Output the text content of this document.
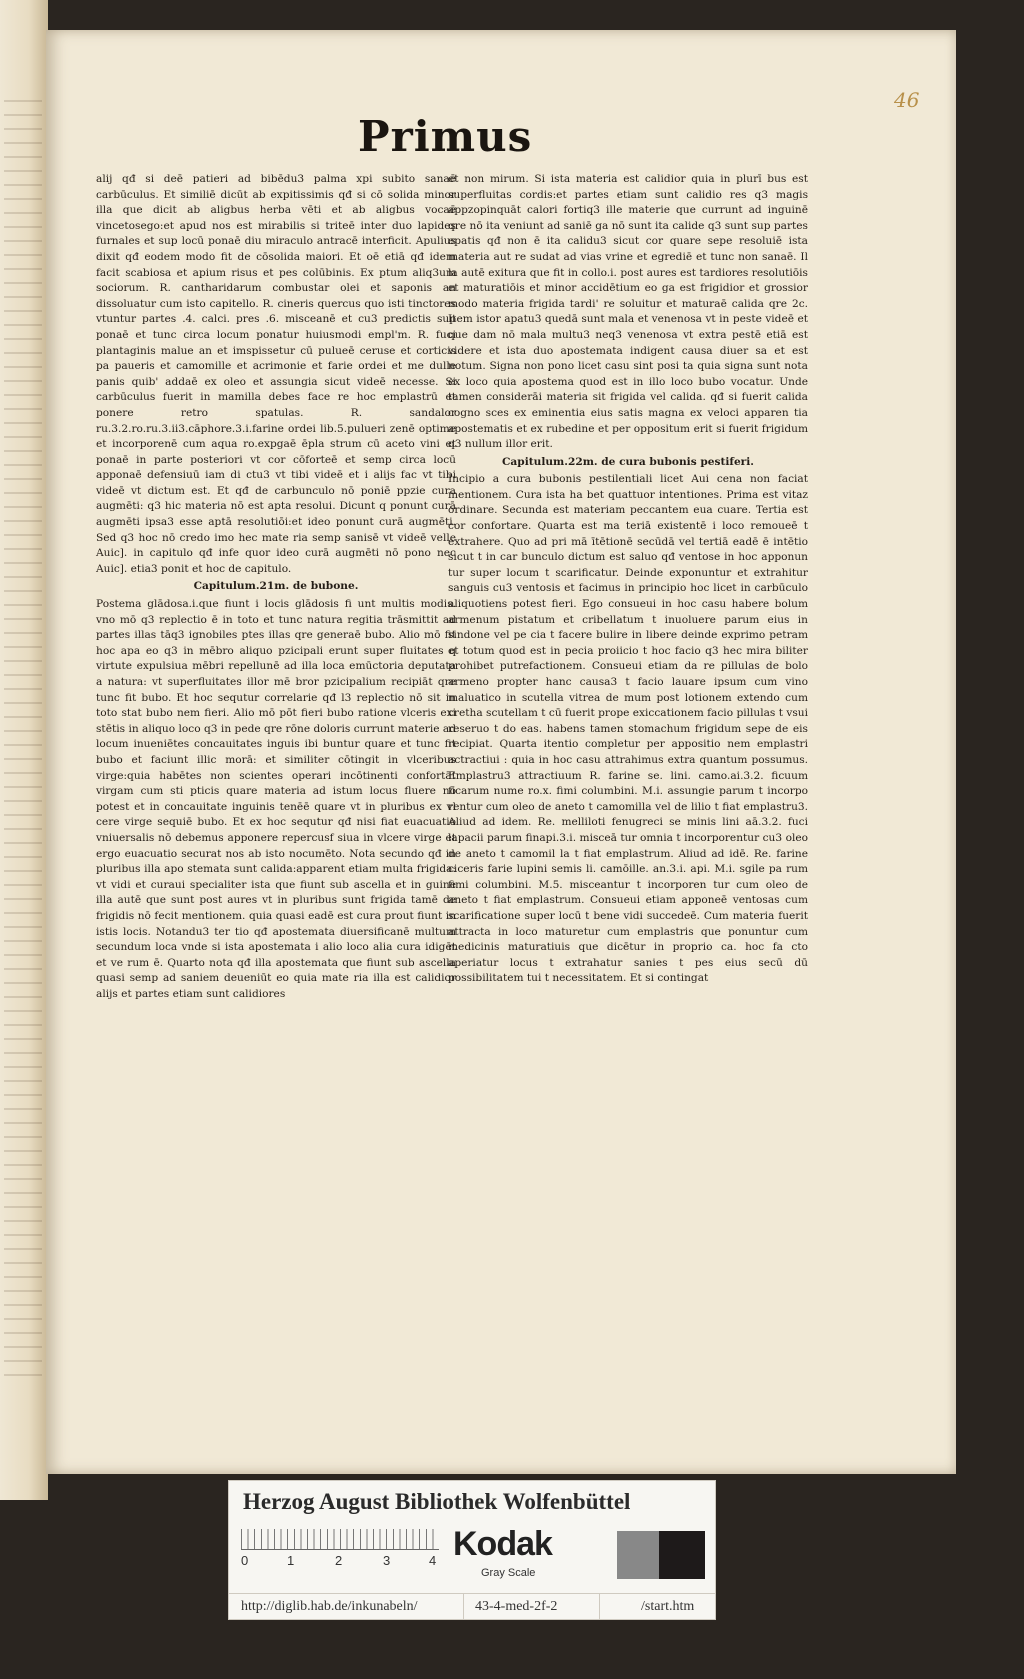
46
Primus

alij qđ si deē patieri ad bibēdu3 palma xpi subito sanaē carbūculus. Et similiē dicūt ab expitissimis qđ si cō solida minor illa que dicit ab aligbus herba vēti et ab aligbus vocaē vincetosego:et apud nos est mirabilis si triteē inter duo lapides furnales et sup locū ponaē diu miraculo antracē interficit. Apulius dixit qđ eodem modo fit de cōsolida maiori. Et oē etiā qđ idem facit scabiosa et apium risus et pes colūbinis. Ex ptum aliq3um sociorum. R. cantharidarum combustar olei et saponis an dissoluatur cum isto capitello. R. cineris quercus quo isti tinctores vtuntur partes .4. calci. pres .6. misceanē et cu3 predictis sup ponaē et tunc circa locum ponatur huiusmodi empl'm. R. fuci plantaginis malue an et imspissetur cū pulueē ceruse et corticis pa paueris et camomille et acrimonie et farie ordei et me dulle panis quib' addaē ex oleo et assungia sicut videē necesse. Si carbūculus fuerit in mamilla debes face re hoc emplastrū et ponere retro spatulas. R. sandalor ru.3.2.ro.ru.3.ii3.cāphore.3.i.farine ordei lib.5.pulueri zenē optime et incorporenē cum aqua ro.expgaē ēpla strum cū aceto vini et ponaē in parte posteriori vt cor cōforteē et semp circa locū apponaē defensiuū iam di ctu3 vt tibi videē et i alijs fac vt tibi videē vt dictum est. Et qđ de carbunculo nō poniē ppzie cura augmēti: q3 hic materia nō est apta resolui. Dicunt q ponunt curā augmēti ipsa3 esse aptā resolutiōi:et ideo ponunt curā augmēti. Sed q3 hoc nō credo imo hec mate ria semp sanisē vt videē velle Auic]. in capitulo qđ infe quor ideo curā augmēti nō pono nec Auic]. etia3 ponit et hoc de capitulo.

Capitulum.21m. de bubone.

Postema glādosa.i.que fiunt i locis glādosis fi unt multis modis. vno mō q3 replectio ē in toto et tunc natura regitia trāsmittit ad partes illas tāq3 ignobiles ptes illas qre generaē bubo. Alio mō fit hoc apa eo q3 in mēbro aliquo pzicipali erunt super fluitates q virtute expulsiua mēbri repellunē ad illa loca emūctoria deputata a natura: vt superfluitates illor mē bror pzicipalium recipiāt qre tunc fit bubo. Et hoc sequtur correlarie qđ l3 replectio nō sit in toto stat bubo nem fieri. Alio mō pōt fieri bubo ratione vlceris exi stētis in aliquo loco q3 in pede qre rōne doloris currunt materie ad locum inueniētes concauitates inguis ibi buntur quare et tunc fit bubo et faciunt illic morā: et similiter cōtingit in vlceribus virge:quia habētes non scientes operari incōtinenti confortāt virgam cum sti pticis quare materia ad istum locus fluere nō potest et in concauitate inguinis tenēē quare vt in pluribus ex vl cere virge sequiē bubo. Et ex hoc sequtur qđ nisi fiat euacuatio vniuersalis nō debemus apponere repercusf siua in vlcere virge et ergo euacuatio securat nos ab isto nocumēto. Nota secundo qđ in pluribus illa apo stemata sunt calida:apparent etiam multa frigida: vt vidi et curaui specialiter ista que fiunt sub ascella et in guine illa autē que sunt post aures vt in pluribus sunt frigida tamē de frigidis nō fecit mentionem. quia quasi eadē est cura prout fiunt in istis locis. Notandu3 ter tio qđ apostemata diuersificanē multum secundum loca vnde si ista apostemata i alio loco alia cura idigēt et ve rum ē. Quarto nota qđ illa apostemata que fiunt sub ascella quasi semp ad saniem deueniūt eo quia mate ria illa est calidior alijs et partes etiam sunt calidiores

et non mirum. Si ista materia est calidior quia in plurī bus est superfluitas cordis:et partes etiam sunt calidio res q3 magis appzopinquāt calori fortiq3 ille materie que currunt ad inguinē qre nō ita veniunt ad saniē ga nō sunt ita calide q3 sunt sup partes epatis qđ non ē ita calidu3 sicut cor quare sepe resoluiē ista materia aut re sudat ad vias vrine et egrediē et tunc non sanaē. Il la autē exitura que fit in collo.i. post aures est tardiores resolutiōis et maturatiōis et minor accidētium eo ga est frigidior et grossior modo materia frigida tardi' re soluitur et maturaē calida qre 2c. Item istor apatu3 quedā sunt mala et venenosa vt in peste videē et que dam nō mala multu3 neq3 venenosa vt extra pestē etiā est videre et ista duo apostemata indigent causa diuer sa et est notum. Signa non pono licet casu sint posi ta quia signa sunt nota ex loco quia apostema quod est in illo loco bubo vocatur. Unde tamen considerāi materia sit frigida vel calida. qđ si fuerit calida cogno sces ex eminentia eius satis magna ex veloci apparen tia apostematis et ex rubedine et per oppositum erit si fuerit frigidum q3 nullum illor erit.

Capitulum.22m. de cura bubonis pestiferi.

Incipio a cura bubonis pestilentiali licet Aui cena non faciat mentionem. Cura ista ha bet quattuor intentiones. Prima est vitaz ordinare. Secunda est materiam peccantem eua cuare. Tertia est cor confortare. Quarta est ma teriā existentē i loco remoueē t extrahere. Quo ad pri mā ītētionē secūdā vel tertiā eadē ē intētio sicut t in car bunculo dictum est saluo qđ ventose in hoc apponun tur super locum t scarificatur. Deinde exponuntur et extrahitur sanguis cu3 ventosis et facimus in principio hoc licet in carbūculo aliquotiens potest fieri. Ego consueui in hoc casu habere bolum armenum pistatum et cribellatum t inuoluere parum eius in sindone vel pe cia t facere bulire in libere deinde exprimo petram et totum quod est in pecia proiicio t hoc facio q3 hec mira biliter prohibet putrefactionem. Consueui etiam da re pillulas de bolo armeno propter hanc causa3 t facio lauare ipsum cum vino maluatico in scutella vitrea de mum post lotionem extendo cum cretha scutellam t cū fuerit prope exiccationem facio pillulas t vsui reseruo t do eas. habens tamen stomachum frigidum sepe de eis recipiat. Quarta itentio completur per appositio nem emplastri actractiui : quia in hoc casu attrahimus extra quantum possumus. Emplastru3 attractiuum R. farine se. lini. camo.ai.3.2. ficuum ficarum nume ro.x. fimi columbini. M.i. assungie parum t incorpo rentur cum oleo de aneto t camomilla vel de lilio t fiat emplastru3. Aliud ad idem. Re. melliloti fenugreci se minis lini aā.3.2. fuci lapacii parum finapi.3.i. misceā tur omnia t incorporentur cu3 oleo de aneto t camomil la t fiat emplastrum. Aliud ad idē. Re. farine ciceris farie lupini semis li. camōille. an.3.i. api. M.i. sgile pa rum fimi columbini. M.5. misceantur t incorporen tur cum oleo de aneto t fiat emplastrum. Consueui etiam apponeē ventosas cum scarificatione super locū t bene vidi succedeē. Cum materia fuerit attracta in loco maturetur cum emplastris que ponuntur cum medicinis maturatiuis que dicētur in proprio ca. hoc fa cto aperiatur locus t extrahatur sanies t pes eius secū dū possibilitatem tui t necessitatem. Et si contingat

Herzog August Bibliothek Wolfenbüttel
0	1	2	3	4 Kodak
Gray Scale
http://diglib.hab.de/inkunabeln/	43-4-med-2f-2	/start.htm
